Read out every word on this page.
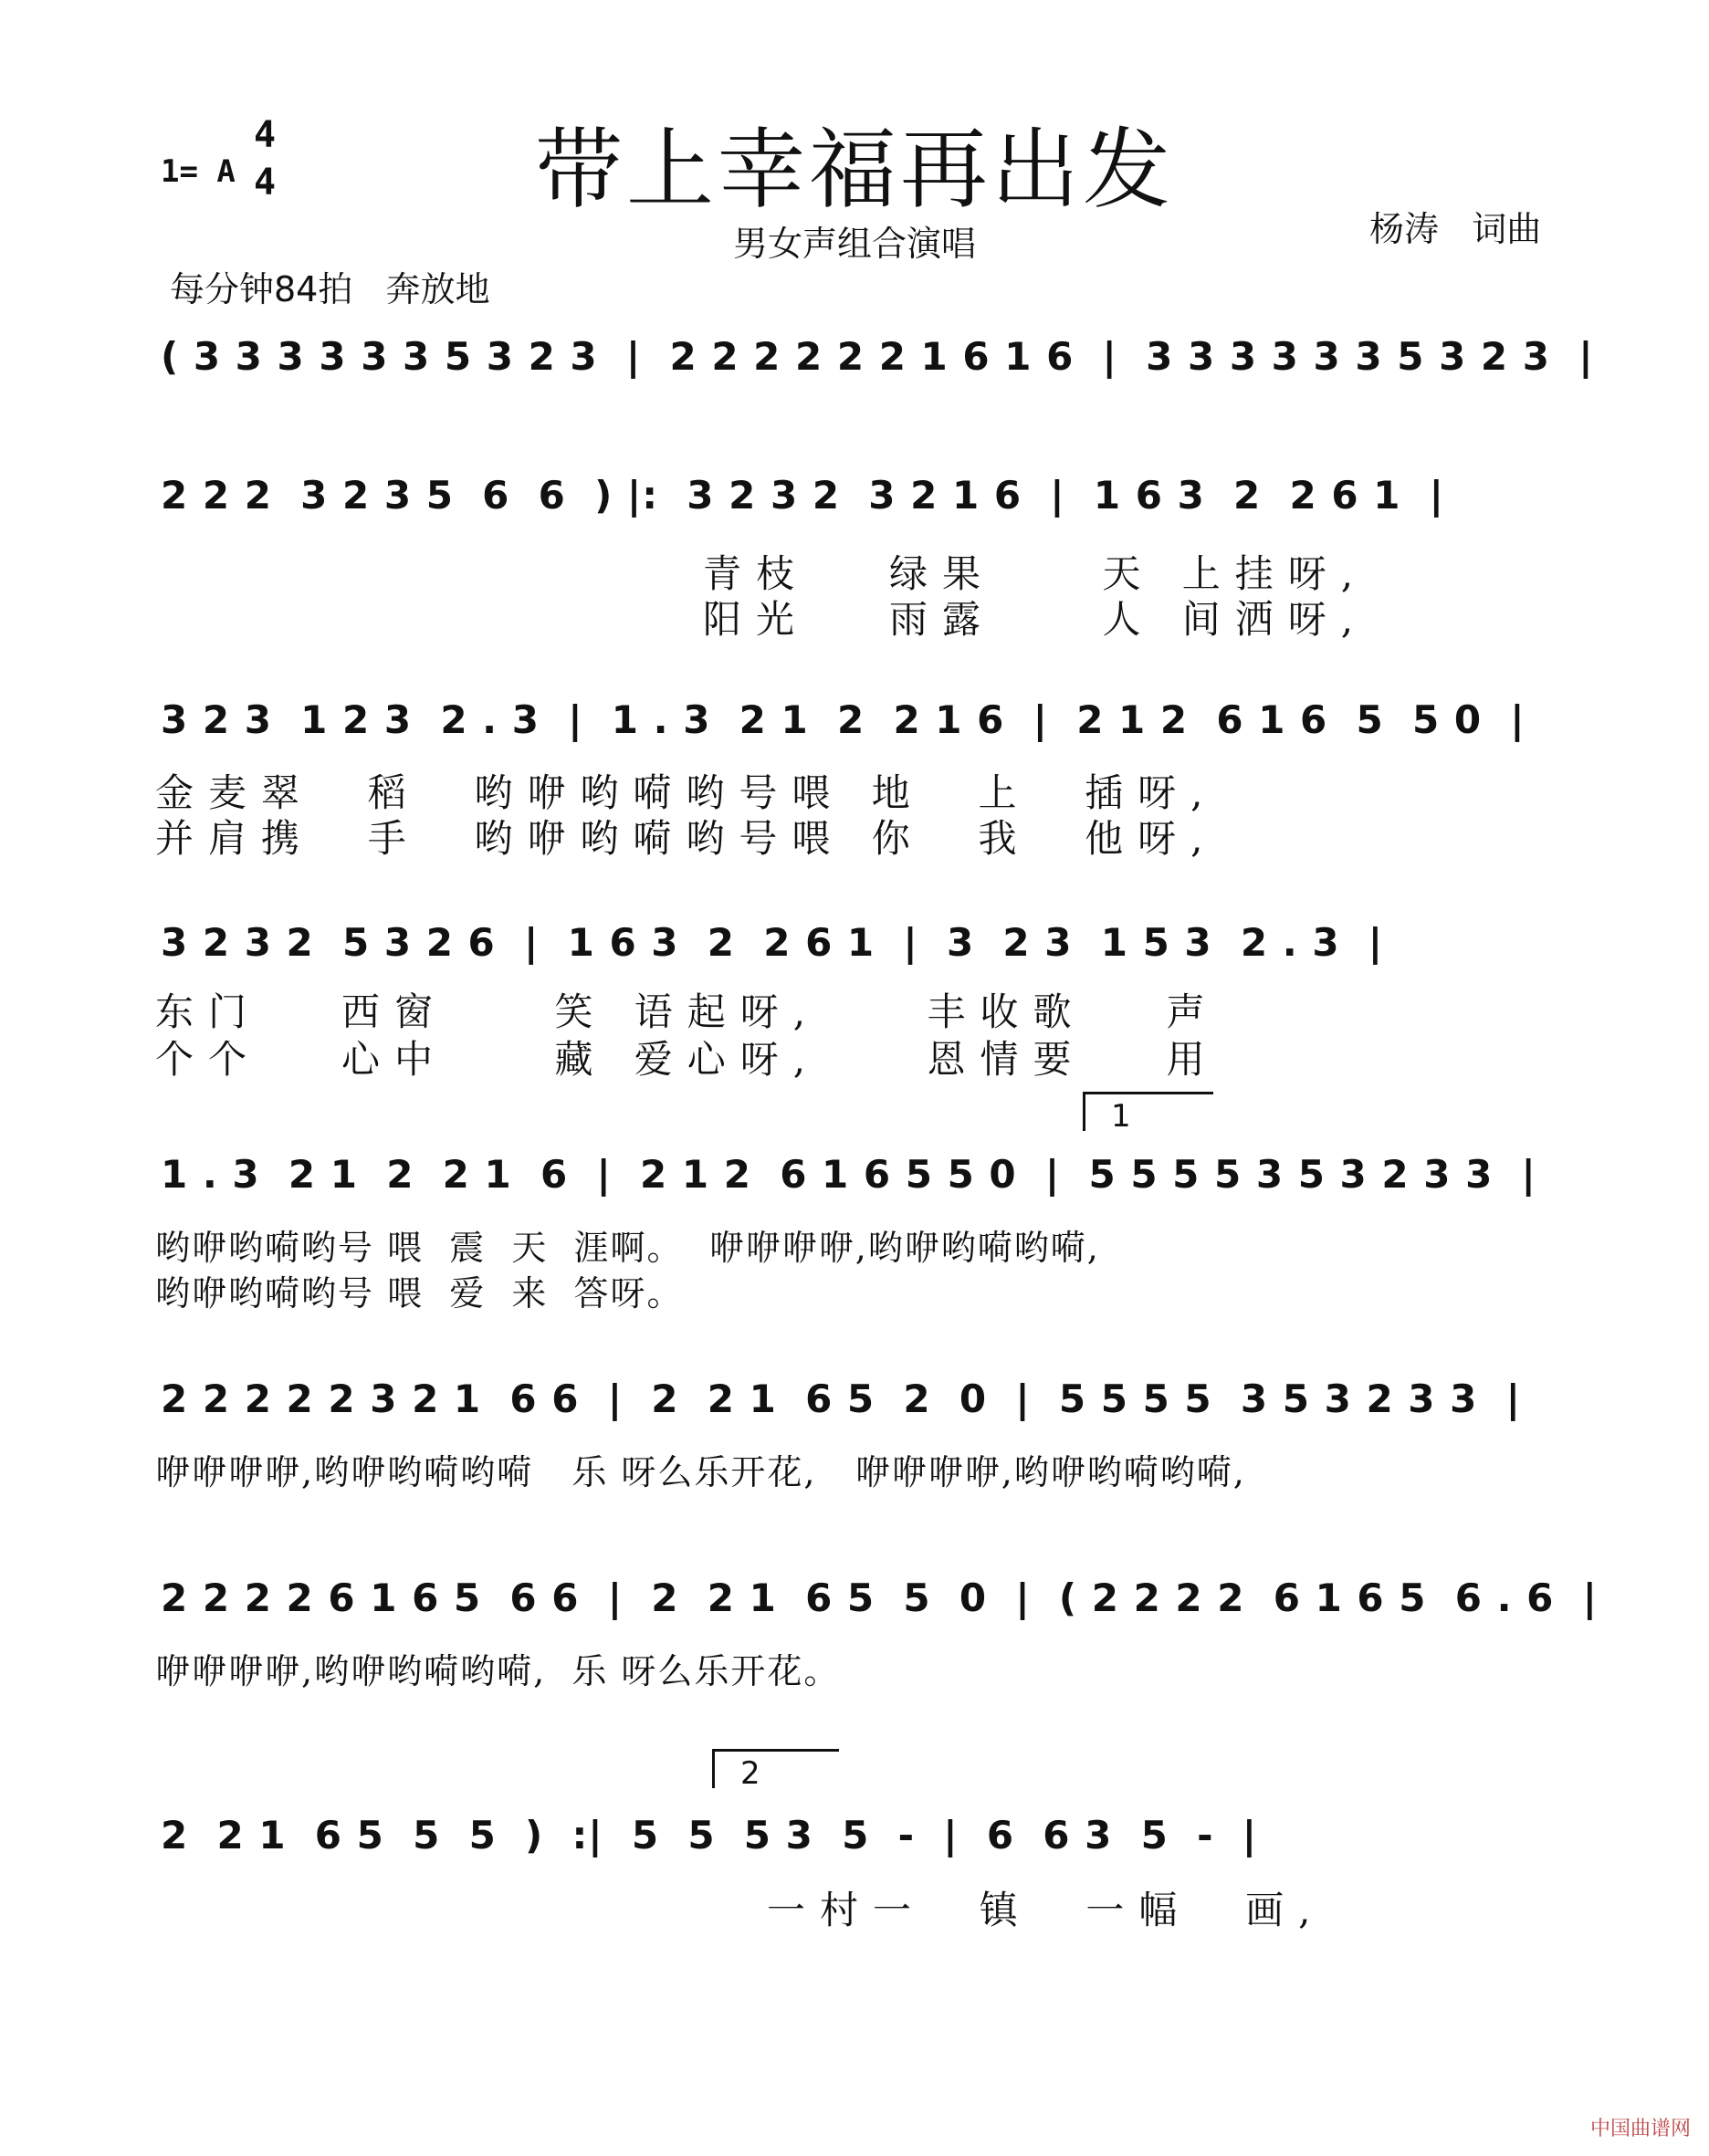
1= A
4
4	带上幸福再出发
男女声组合演唱	杨涛   词曲
每分钟84拍   奔放地
( 3 3 3 3 3 3 5 3 2 3  |  2 2 2 2 2 2 1 6 1 6  |  3 3 3 3 3 3 5 3 2 3  |
2 2 2  3 2 3 5  6  6  ) |:  3 2 3 2  3 2 1 6  |  1 6 3  2  2 6 1  |
青枝   绿果    天 上挂呀,
阳光   雨露    人 间洒呀,
3 2 3  1 2 3  2 . 3  |  1 . 3  2 1  2  2 1 6  |  2 1 2  6 1 6  5  5 0  |
金麦翠  稻  哟咿哟嗬哟号喂 地  上  插呀,
并肩携  手  哟咿哟嗬哟号喂 你  我  他呀,
3 2 3 2  5 3 2 6  |  1 6 3  2  2 6 1  |  3  2 3  1 5 3  2 . 3  |
东门   西窗    笑 语起呀,    丰收歌   声
个个   心中    藏 爱心呀,    恩情要   用
1
1 . 3  2 1  2  2 1  6  |  2 1 2  6 1 6 5 5 0  |  5 5 5 5 3 5 3 2 3 3  |
哟咿哟嗬哟号 喂  震  天  涯啊。  咿咿咿咿,哟咿哟嗬哟嗬,
哟咿哟嗬哟号 喂  爱  来  答呀。
2 2 2 2 2 3 2 1  6 6  |  2  2 1  6 5  2  0  |  5 5 5 5  3 5 3 2 3 3  |
咿咿咿咿,哟咿哟嗬哟嗬   乐 呀么乐开花,   咿咿咿咿,哟咿哟嗬哟嗬,
2 2 2 2 6 1 6 5  6 6  |  2  2 1  6 5  5  0  |  ( 2 2 2 2  6 1 6 5  6 . 6  |
咿咿咿咿,哟咿哟嗬哟嗬,  乐 呀么乐开花。
2
2  2 1  6 5  5  5  )  :|  5  5  5 3  5  -  |  6  6 3  5  -  |
一村一  镇  一幅  画,
中国曲谱网
